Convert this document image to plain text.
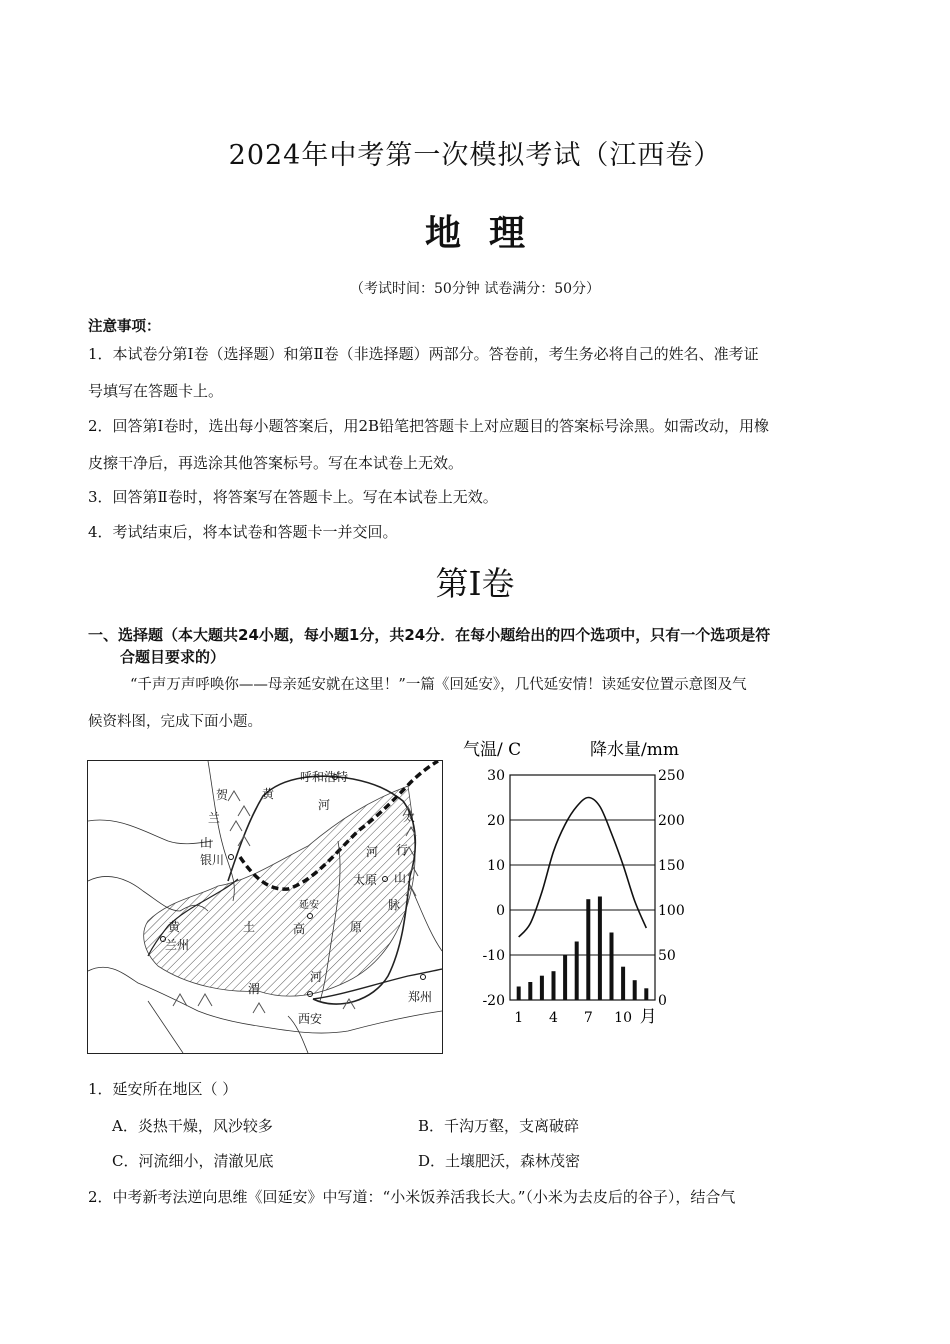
2024年中考第一次模拟考试（江西卷）
地理
（考试时间：50分钟 试卷满分：50分）
注意事项：
1．本试卷分第Ⅰ卷（选择题）和第Ⅱ卷（非选择题）两部分。答卷前，考生务必将自己的姓名、准考证
号填写在答题卡上。
2．回答第Ⅰ卷时，选出每小题答案后，用2B铅笔把答题卡上对应题目的答案标号涂黑。如需改动，用橡
皮擦干净后，再选涂其他答案标号。写在本试卷上无效。
3．回答第Ⅱ卷时，将答案写在答题卡上。写在本试卷上无效。
4．考试结束后，将本试卷和答题卡一并交回。
第Ⅰ卷
一、选择题（本大题共24小题，每小题1分，共24分．在每小题给出的四个选项中，只有一个选项是符
合题目要求的）
“千声万声呼唤你——母亲延安就在这里！”一篇《回延安》，几代延安情！读延安位置示意图及气
候资料图，完成下面小题。
呼和浩特
贺
兰
山
黄
河
太
行
山
脉
银川
太原
延安
黄	土	高	原
兰州
河
渭
西安
郑州
河
气温/ C	降水量/mm
30
20
10
0
-10
-20
250
200
150
100
50
0
1 4 7 10 月
1．延安所在地区（ ）
A．炎热干燥，风沙较多	B．千沟万壑，支离破碎
C．河流细小，清澈见底	D．土壤肥沃，森林茂密
2．中考新考法逆向思维《回延安》中写道：“小米饭养活我长大。”（小米为去皮后的谷子），结合气
